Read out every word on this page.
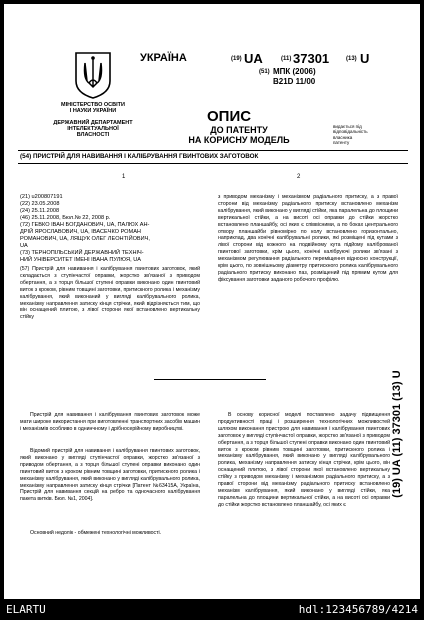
МІНІСТЕРСТВО ОСВІТИ
І НАУКИ УКРАЇНИ
ДЕРЖАВНИЙ ДЕПАРТАМЕНТ
ІНТЕЛЕКТУАЛЬНОЇ
ВЛАСНОСТІ
УКРАЇНА	(19) UA	(11) 37301	(13) U
(51) МПК (2006)
B21D 11/00
ОПИС
ДО ПАТЕНТУ
НА КОРИСНУ МОДЕЛЬ
видається під
відповідальність
власника
патенту
(54) ПРИСТРІЙ ДЛЯ НАВИВАННЯ І КАЛІБРУВАННЯ ГВИНТОВИХ ЗАГОТОВОК
1	2
(21) u200807191
(22) 23.05.2008
(24) 25.11.2008
(46) 25.11.2008, Бюл.№ 22, 2008 р.
(72) ГЕВКО ІВАН БОГДАНОВИЧ, UA, ПАЛЮХ АН-
ДРІЙ ЯРОСЛАВОВИЧ, UA, ІВАСЕЧКО РОМАН
РОМАНОВИЧ, UA, ЛЯЩУК ОЛЕГ ЛЕОНТІЙОВИЧ,
UA
(73) ТЕРНОПІЛЬСЬКИЙ ДЕРЖАВНИЙ ТЕХНІЧ-
НИЙ УНІВЕРСИТЕТ ІМЕНІ ІВАНА ПУЛЮЯ, UA
(57) Пристрій для навивання і калібрування гвинтових заготовок, який складається з ступінчастої оправки, жорстко зв'язаної з приводом обертання, а з торця більшої ступені оправки виконано один гвинтовий виток з кроком, рівним товщині заготовки, притискного ролика і механізму калібрування, який виконаний у вигляді калібрувального ролика, механізму направлення затиску кінця стрічки, який відрізняється тим, що він оснащений плитою, з лівої сторони якої встановлено вертикальну стійку
з приводом механізму і механізмом радіального притиску, а з правої сторони від механізму радіального притиску встановлено механізм калібрування, який виконано у вигляді стійки, яка паралельна до площини вертикальної стійки, а на висоті осі оправки до стійки жорстко встановлено планшайбу, осі яких є співвісними, а по боках центрального отвору планшайби рівномірно по колу встановлено горизонтально, наприклад, два конічні калібрувальні ролики, які розміщені під кутами з лівої сторони від кожного на подвійному кута підйому каліброваної гвинтової заготовки, крім цього, конічні калібруючі ролики зв'язані з механізмом регулювання радіального переміщення відносно конструкції, крім цього, по зовнішньому діаметру притискного ролика калібрувального радіального притиску виконано паз, розміщений під прямим кутом для фіксування заготовки заданого робочого профілю.
Пристрій для навивання і калібрування гвинтових заготовок може мати широке використання при виготовленні транспортних засобів машин і механізмів особливо в однинчному і дрібносерійному виробництві.
Відомий пристрій для навивання і калібрування гвинтових заготовок, який виконано у вигляді ступінчастої оправки, жорстко зв'язаної з приводом обертання, а з торця більшої ступені оправки виконано один гвинтовий виток з кроком рівним товщині заготовки, притискного ролика і механізму калібрування, який виконано у вигляді калібрувального ролика, механізму направлення затиску кінця стрічки [Патент №63415А, Україна, Пристрій для навивання секцій на ребро та одночасного калібрування пакета витків. Бюл. №1, 2004].
Основний недолік - обмежені технологічні можливості.
В основу корисної моделі поставлено задачу підвищення продуктивності праці і розширення технологічних можливостей шляхом виконання пристрою для навивання і калібрування гвинтових заготовок у вигляді ступінчастої оправки, жорстко зв'язаної з приводом обертання, а з торця більшої ступені оправки виконано один гвинтовий виток з кроком рівним товщині заготовки, притискного ролика і механізму калібрування, який виконано у вигляді калібрувального ролика, механізму направлення затиску кінця стрічки, крім цього, він оснащений плитою, з лівої сторони якої встановлено вертикальну стійку з приводом механізму і механізмом радіального притиску, а з правої сторони від механізму радіального притиску встановлено механізм калібрування, який виконано у вигляді стійки, яка паралельна до площини вертикальної стійки, а на висоті осі оправки до стійки жорстко встановлено планшайбу, осі яких є
(19) UA (11) 37301 (13) U
ELARTU	hdl:123456789/4214
